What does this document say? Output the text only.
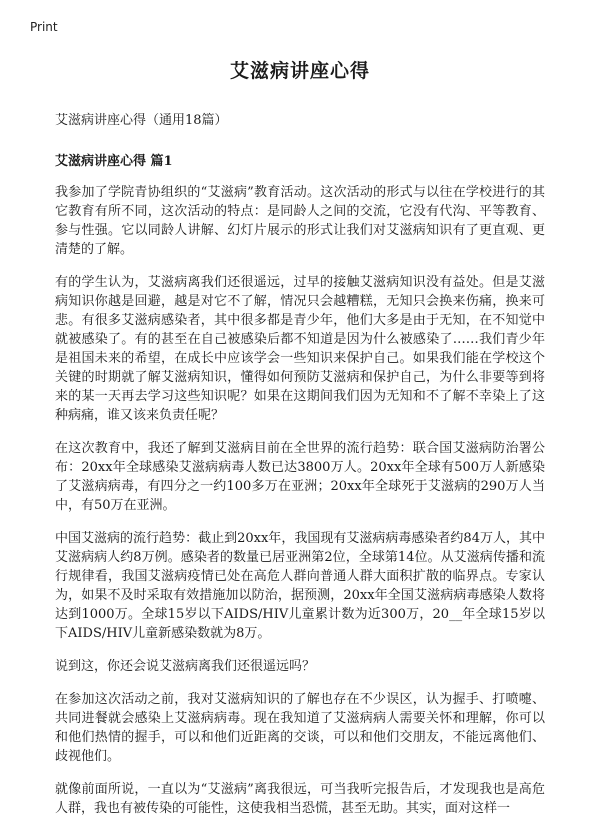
Print
艾滋病讲座心得
艾滋病讲座心得（通用18篇）
艾滋病讲座心得 篇1

我参加了学院青协组织的“艾滋病”教育活动。这次活动的形式与以往在学校进行的其它教育有所不同，这次活动的特点：是同龄人之间的交流，它没有代沟、平等教育、参与性强。它以同龄人讲解、幻灯片展示的形式让我们对艾滋病知识有了更直观、更清楚的了解。

有的学生认为，艾滋病离我们还很遥远，过早的接触艾滋病知识没有益处。但是艾滋病知识你越是回避，越是对它不了解，情况只会越糟糕，无知只会换来伤痛，换来可悲。有很多艾滋病感染者，其中很多都是青少年，他们大多是由于无知，在不知觉中就被感染了。有的甚至在自己被感染后都不知道是因为什么被感染了……我们青少年是祖国未来的希望，在成长中应该学会一些知识来保护自己。如果我们能在学校这个关键的时期就了解艾滋病知识，懂得如何预防艾滋病和保护自己，为什么非要等到将来的某一天再去学习这些知识呢？如果在这期间我们因为无知和不了解不幸染上了这种病痛，谁又该来负责任呢？

在这次教育中，我还了解到艾滋病目前在全世界的流行趋势：联合国艾滋病防治署公布：20xx年全球感染艾滋病病毒人数已达3800万人。20xx年全球有500万人新感染了艾滋病病毒，有四分之一约100多万在亚洲；20xx年全球死于艾滋病的290万人当中，有50万在亚洲。

中国艾滋病的流行趋势：截止到20xx年，我国现有艾滋病病毒感染者约84万人，其中艾滋病病人约8万例。感染者的数量已居亚洲第2位，全球第14位。从艾滋病传播和流行规律看，我国艾滋病疫情已处在高危人群向普通人群大面积扩散的临界点。专家认为，如果不及时采取有效措施加以防治，据预测，20xx年全国艾滋病病毒感染人数将达到1000万。全球15岁以下AIDS/HIV儿童累计数为近300万，20__年全球15岁以下AIDS/HIV儿童新感染数就为8万。

说到这，你还会说艾滋病离我们还很遥远吗？

在参加这次活动之前，我对艾滋病知识的了解也存在不少误区，认为握手、打喷嚏、共同进餐就会感染上艾滋病病毒。现在我知道了艾滋病病人需要关怀和理解，你可以和他们热情的握手，可以和他们近距离的交谈，可以和他们交朋友，不能远离他们、歧视他们。

就像前面所说，一直以为“艾滋病”离我很远，可当我听完报告后，才发现我也是高危人群，我也有被传染的可能性，这使我相当恐慌，甚至无助。其实，面对这样一
